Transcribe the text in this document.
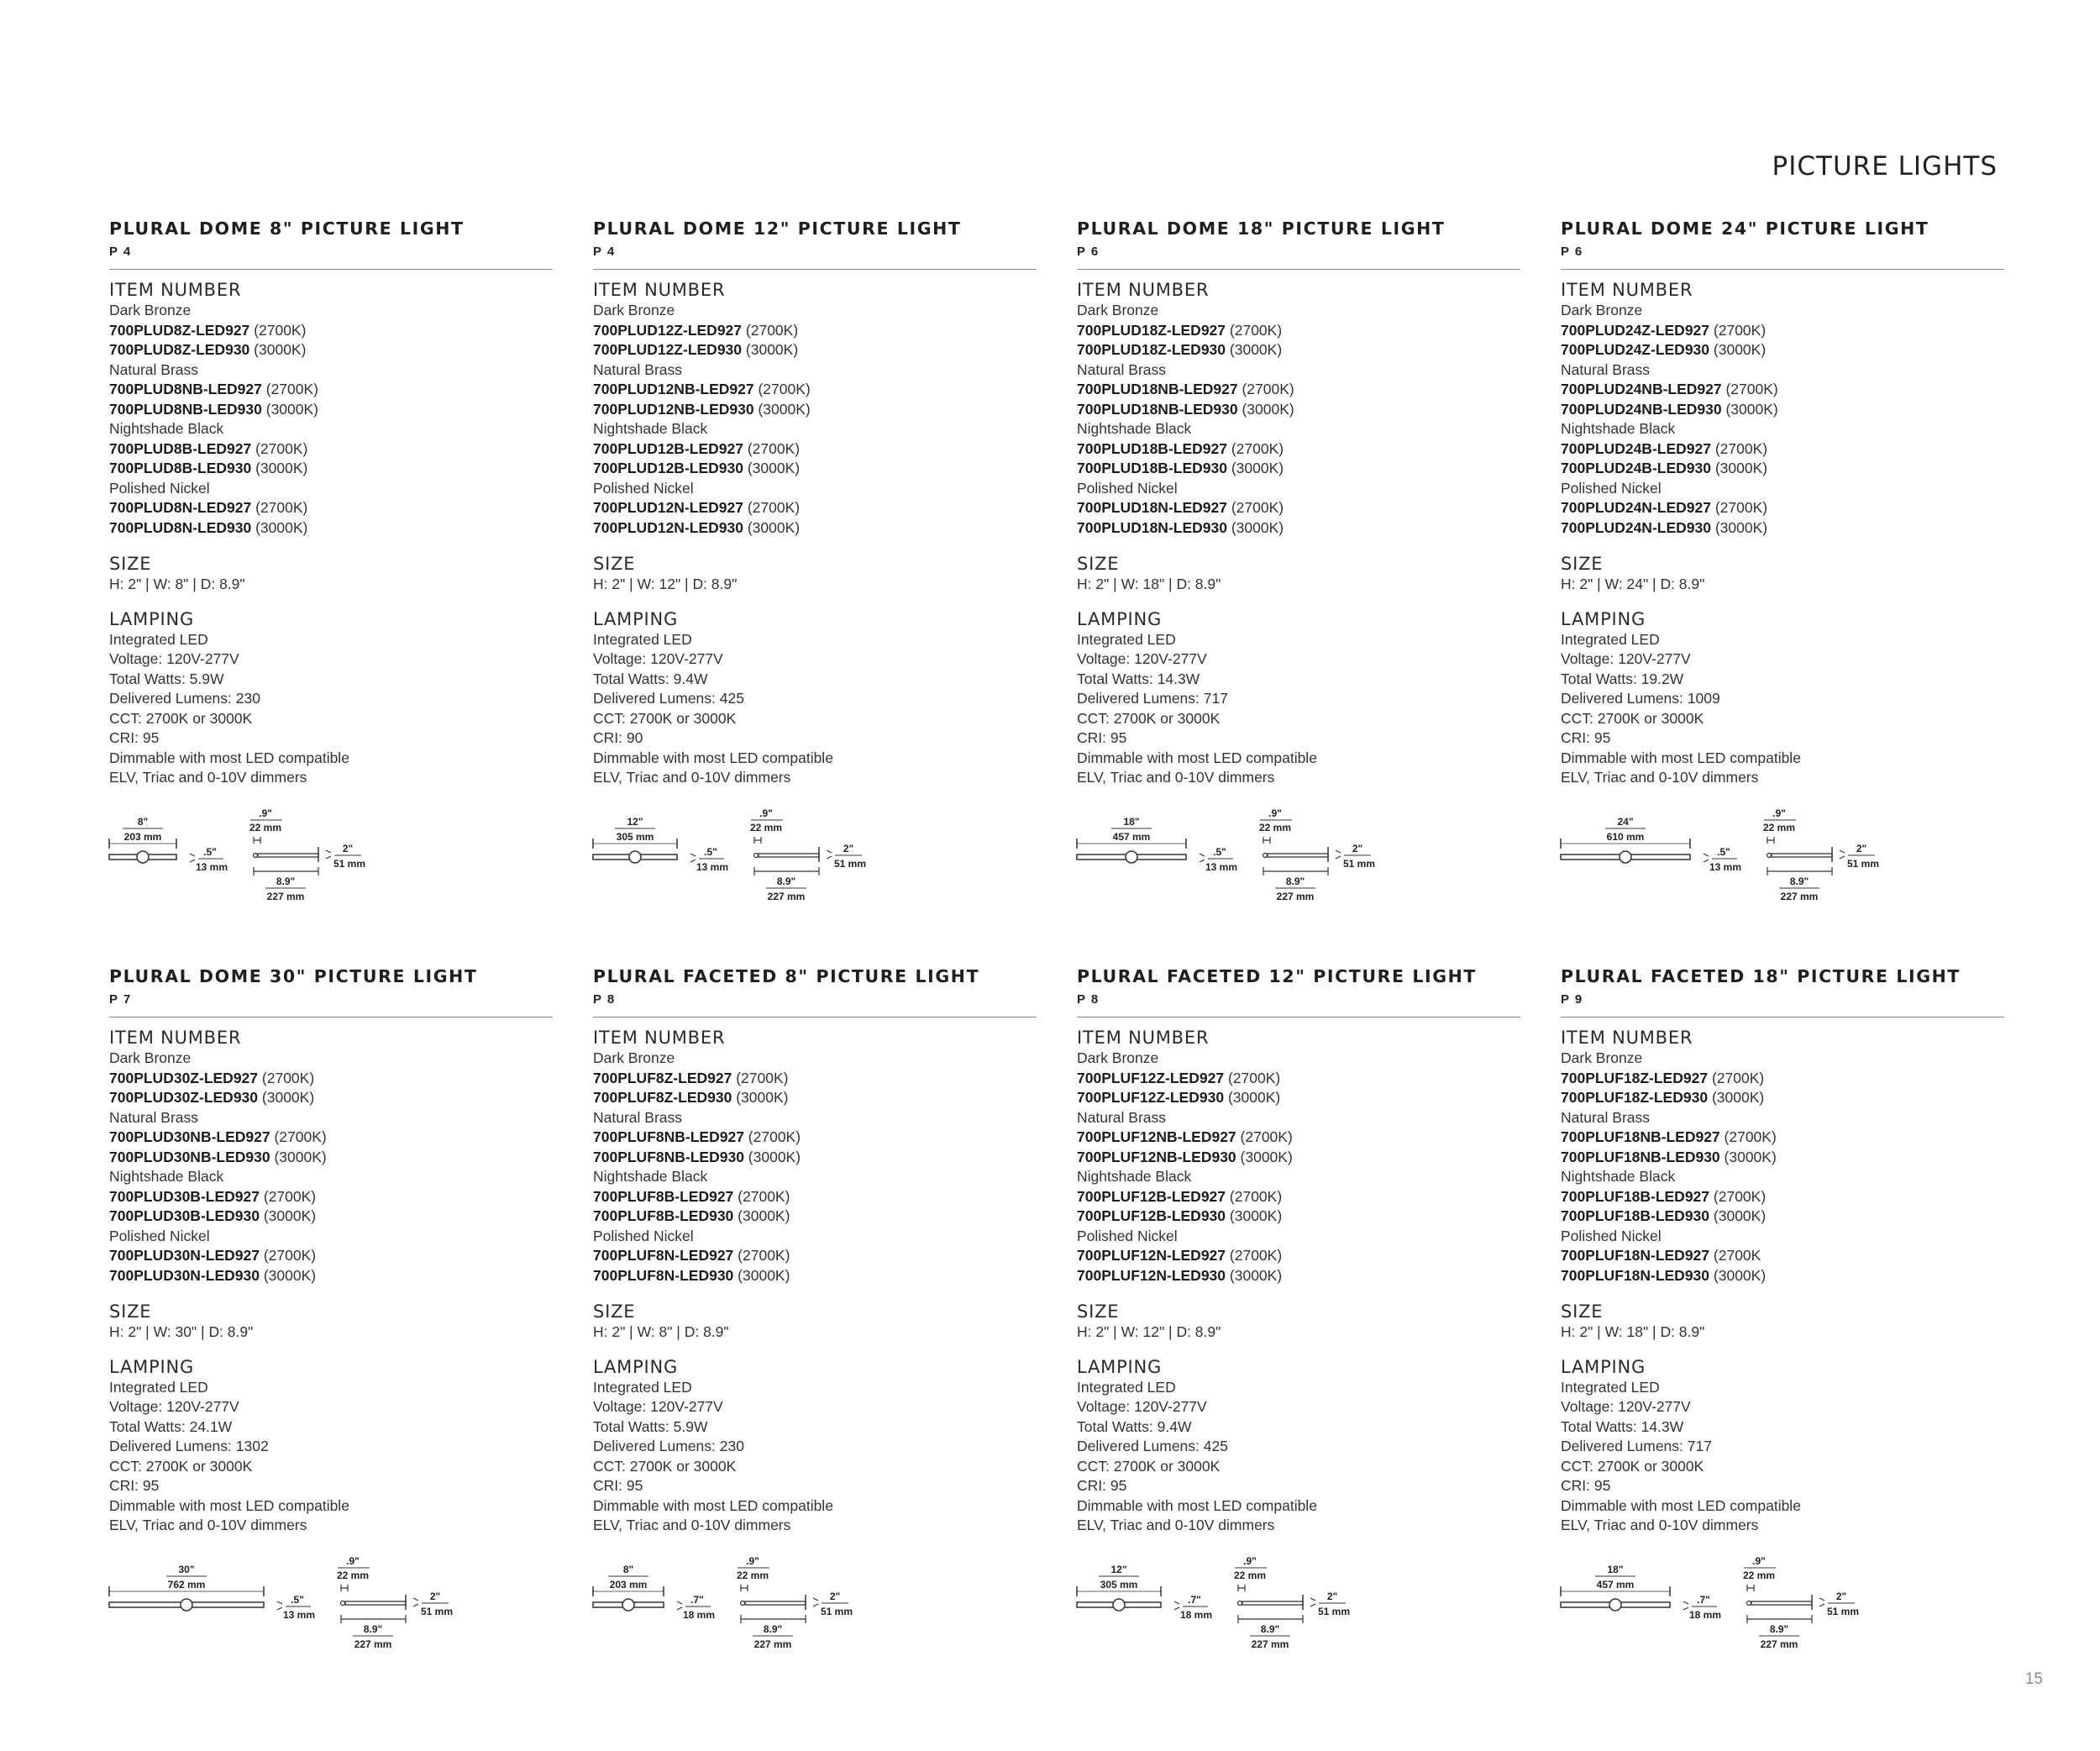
PICTURE LIGHTS
15
PLURAL DOME 8" PICTURE LIGHT
P 4
ITEM NUMBER
Dark Bronze
700PLUD8Z-LED927 (2700K)
700PLUD8Z-LED930 (3000K)
Natural Brass
700PLUD8NB-LED927 (2700K)
700PLUD8NB-LED930 (3000K)
Nightshade Black
700PLUD8B-LED927 (2700K)
700PLUD8B-LED930 (3000K)
Polished Nickel
700PLUD8N-LED927 (2700K)
700PLUD8N-LED930 (3000K)
SIZE
H: 2" | W: 8" | D: 8.9"
LAMPING
Integrated LED
Voltage: 120V-277V
Total Watts: 5.9W
Delivered Lumens: 230
CCT: 2700K or 3000K
CRI: 95
Dimmable with most LED compatible
ELV, Triac and 0-10V dimmers
8"
203 mm
.5"
13 mm
.9"
22 mm
2"
51 mm
8.9"
227 mm
PLURAL DOME 12" PICTURE LIGHT
P 4
ITEM NUMBER
Dark Bronze
700PLUD12Z-LED927 (2700K)
700PLUD12Z-LED930 (3000K)
Natural Brass
700PLUD12NB-LED927 (2700K)
700PLUD12NB-LED930 (3000K)
Nightshade Black
700PLUD12B-LED927 (2700K)
700PLUD12B-LED930 (3000K)
Polished Nickel
700PLUD12N-LED927 (2700K)
700PLUD12N-LED930 (3000K)
SIZE
H: 2" | W: 12" | D: 8.9"
LAMPING
Integrated LED
Voltage: 120V-277V
Total Watts: 9.4W
Delivered Lumens: 425
CCT: 2700K or 3000K
CRI: 90
Dimmable with most LED compatible
ELV, Triac and 0-10V dimmers
12"
305 mm
.5"
13 mm
.9"
22 mm
2"
51 mm
8.9"
227 mm
PLURAL DOME 18" PICTURE LIGHT
P 6
ITEM NUMBER
Dark Bronze
700PLUD18Z-LED927 (2700K)
700PLUD18Z-LED930 (3000K)
Natural Brass
700PLUD18NB-LED927 (2700K)
700PLUD18NB-LED930 (3000K)
Nightshade Black
700PLUD18B-LED927 (2700K)
700PLUD18B-LED930 (3000K)
Polished Nickel
700PLUD18N-LED927 (2700K)
700PLUD18N-LED930 (3000K)
SIZE
H: 2" | W: 18" | D: 8.9"
LAMPING
Integrated LED
Voltage: 120V-277V
Total Watts: 14.3W
Delivered Lumens: 717
CCT: 2700K or 3000K
CRI: 95
Dimmable with most LED compatible
ELV, Triac and 0-10V dimmers
18"
457 mm
.5"
13 mm
.9"
22 mm
2"
51 mm
8.9"
227 mm
PLURAL DOME 24" PICTURE LIGHT
P 6
ITEM NUMBER
Dark Bronze
700PLUD24Z-LED927 (2700K)
700PLUD24Z-LED930 (3000K)
Natural Brass
700PLUD24NB-LED927 (2700K)
700PLUD24NB-LED930 (3000K)
Nightshade Black
700PLUD24B-LED927 (2700K)
700PLUD24B-LED930 (3000K)
Polished Nickel
700PLUD24N-LED927 (2700K)
700PLUD24N-LED930 (3000K)
SIZE
H: 2" | W: 24" | D: 8.9"
LAMPING
Integrated LED
Voltage: 120V-277V
Total Watts: 19.2W
Delivered Lumens: 1009
CCT: 2700K or 3000K
CRI: 95
Dimmable with most LED compatible
ELV, Triac and 0-10V dimmers
24"
610 mm
.5"
13 mm
.9"
22 mm
2"
51 mm
8.9"
227 mm
PLURAL DOME 30" PICTURE LIGHT
P 7
ITEM NUMBER
Dark Bronze
700PLUD30Z-LED927 (2700K)
700PLUD30Z-LED930 (3000K)
Natural Brass
700PLUD30NB-LED927 (2700K)
700PLUD30NB-LED930 (3000K)
Nightshade Black
700PLUD30B-LED927 (2700K)
700PLUD30B-LED930 (3000K)
Polished Nickel
700PLUD30N-LED927 (2700K)
700PLUD30N-LED930 (3000K)
SIZE
H: 2" | W: 30" | D: 8.9"
LAMPING
Integrated LED
Voltage: 120V-277V
Total Watts: 24.1W
Delivered Lumens: 1302
CCT: 2700K or 3000K
CRI: 95
Dimmable with most LED compatible
ELV, Triac and 0-10V dimmers
30"
762 mm
.5"
13 mm
.9"
22 mm
2"
51 mm
8.9"
227 mm
PLURAL FACETED 8" PICTURE LIGHT
P 8
ITEM NUMBER
Dark Bronze
700PLUF8Z-LED927 (2700K)
700PLUF8Z-LED930 (3000K)
Natural Brass
700PLUF8NB-LED927 (2700K)
700PLUF8NB-LED930 (3000K)
Nightshade Black
700PLUF8B-LED927 (2700K)
700PLUF8B-LED930 (3000K)
Polished Nickel
700PLUF8N-LED927 (2700K)
700PLUF8N-LED930 (3000K)
SIZE
H: 2" | W: 8" | D: 8.9"
LAMPING
Integrated LED
Voltage: 120V-277V
Total Watts: 5.9W
Delivered Lumens: 230
CCT: 2700K or 3000K
CRI: 95
Dimmable with most LED compatible
ELV, Triac and 0-10V dimmers
8"
203 mm
.7"
18 mm
.9"
22 mm
2"
51 mm
8.9"
227 mm
PLURAL FACETED 12" PICTURE LIGHT
P 8
ITEM NUMBER
Dark Bronze
700PLUF12Z-LED927 (2700K)
700PLUF12Z-LED930 (3000K)
Natural Brass
700PLUF12NB-LED927 (2700K)
700PLUF12NB-LED930 (3000K)
Nightshade Black
700PLUF12B-LED927 (2700K)
700PLUF12B-LED930 (3000K)
Polished Nickel
700PLUF12N-LED927 (2700K)
700PLUF12N-LED930 (3000K)
SIZE
H: 2" | W: 12" | D: 8.9"
LAMPING
Integrated LED
Voltage: 120V-277V
Total Watts: 9.4W
Delivered Lumens: 425
CCT: 2700K or 3000K
CRI: 95
Dimmable with most LED compatible
ELV, Triac and 0-10V dimmers
12"
305 mm
.7"
18 mm
.9"
22 mm
2"
51 mm
8.9"
227 mm
PLURAL FACETED 18" PICTURE LIGHT
P 9
ITEM NUMBER
Dark Bronze
700PLUF18Z-LED927 (2700K)
700PLUF18Z-LED930 (3000K)
Natural Brass
700PLUF18NB-LED927 (2700K)
700PLUF18NB-LED930 (3000K)
Nightshade Black
700PLUF18B-LED927 (2700K)
700PLUF18B-LED930 (3000K)
Polished Nickel
700PLUF18N-LED927 (2700K
700PLUF18N-LED930 (3000K)
SIZE
H: 2" | W: 18" | D: 8.9"
LAMPING
Integrated LED
Voltage: 120V-277V
Total Watts: 14.3W
Delivered Lumens: 717
CCT: 2700K or 3000K
CRI: 95
Dimmable with most LED compatible
ELV, Triac and 0-10V dimmers
18"
457 mm
.7"
18 mm
.9"
22 mm
2"
51 mm
8.9"
227 mm
